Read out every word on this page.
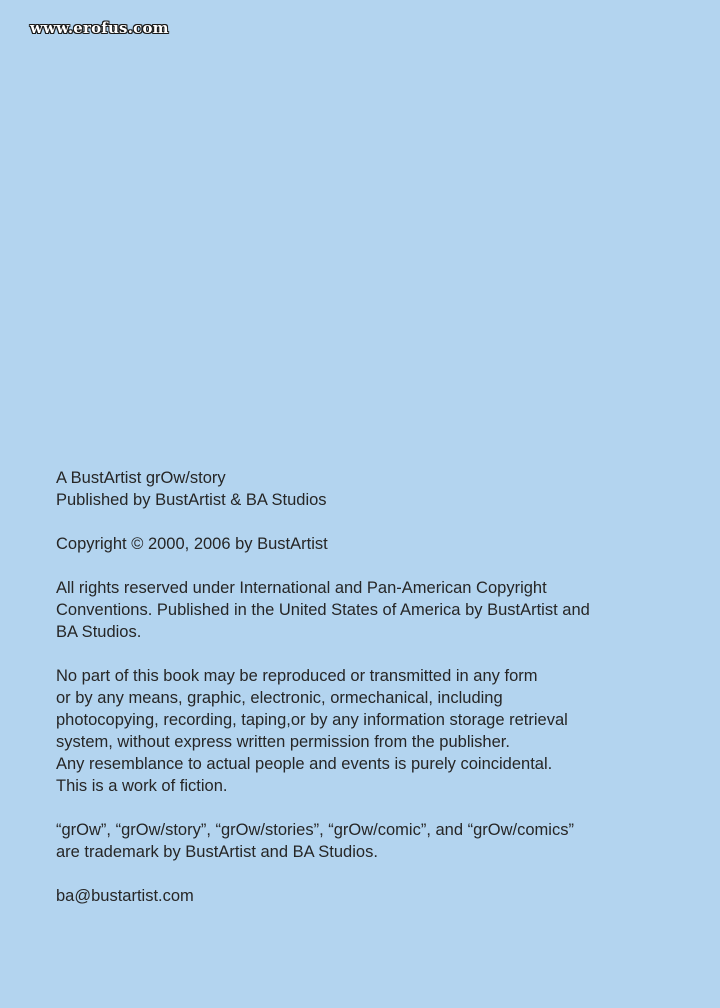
www.erofus.com
A BustArtist grOw/story
Published by BustArtist & BA Studios
Copyright © 2000, 2006 by BustArtist
All rights reserved under International and Pan-American Copyright
Conventions. Published in the United States of America by BustArtist and
BA Studios.
No part of this book may be reproduced or transmitted in any form
or by any means, graphic, electronic, ormechanical, including
photocopying, recording, taping,or by any information storage retrieval
system, without express written permission from the publisher.
Any resemblance to actual people and events is purely coincidental.
This is a work of fiction.
“grOw”, “grOw/story”, “grOw/stories”, “grOw/comic”, and “grOw/comics”
are trademark by BustArtist and BA Studios.
ba@bustartist.com
